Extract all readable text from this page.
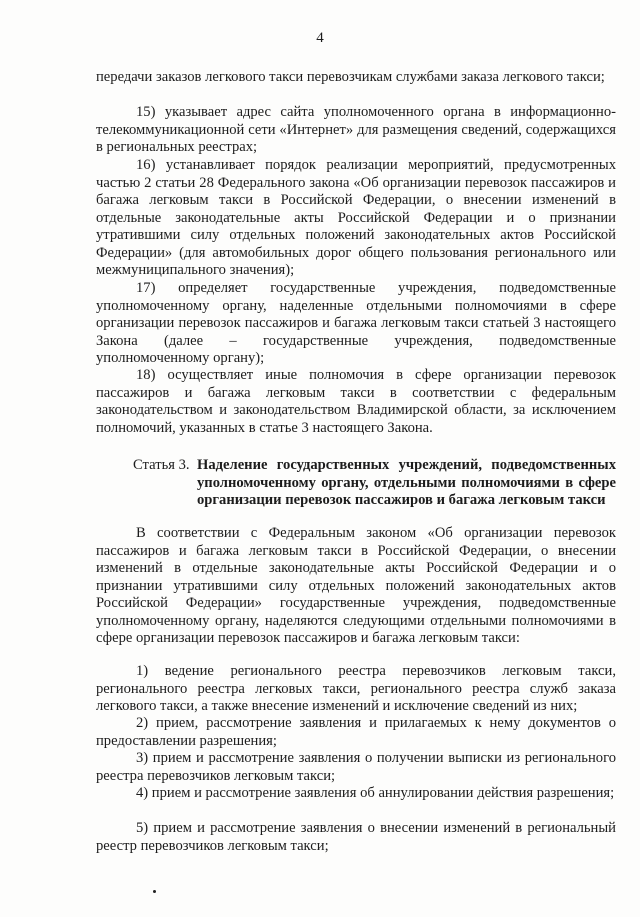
4
передачи заказов легкового такси перевозчикам службами заказа легкового такси;
15) указывает адрес сайта уполномоченного органа в информационно-телекоммуникационной сети «Интернет» для размещения сведений, содержащихся в региональных реестрах;
16) устанавливает порядок реализации мероприятий, предусмотренных частью 2 статьи 28 Федерального закона «Об организации перевозок пассажиров и багажа легковым такси в Российской Федерации, о внесении изменений в отдельные законодательные акты Российской Федерации и о признании утратившими силу отдельных положений законодательных актов Российской Федерации» (для автомобильных дорог общего пользования регионального или межмуниципального значения);
17) определяет государственные учреждения, подведомственные уполномоченному органу, наделенные отдельными полномочиями в сфере организации перевозок пассажиров и багажа легковым такси статьей 3 настоящего Закона (далее – государственные учреждения, подведомственные уполномоченному органу);
18) осуществляет иные полномочия в сфере организации перевозок пассажиров и багажа легковым такси в соответствии с федеральным законодательством и законодательством Владимирской области, за исключением полномочий, указанных в статье 3 настоящего Закона.
Статья 3. Наделение государственных учреждений, подведомственных уполномоченному органу, отдельными полномочиями в сфере организации перевозок пассажиров и багажа легковым такси
В соответствии с Федеральным законом «Об организации перевозок пассажиров и багажа легковым такси в Российской Федерации, о внесении изменений в отдельные законодательные акты Российской Федерации и о признании утратившими силу отдельных положений законодательных актов Российской Федерации» государственные учреждения, подведомственные уполномоченному органу, наделяются следующими отдельными полномочиями в сфере организации перевозок пассажиров и багажа легковым такси:
1) ведение регионального реестра перевозчиков легковым такси, регионального реестра легковых такси, регионального реестра служб заказа легкового такси, а также внесение изменений и исключение сведений из них;
2) прием, рассмотрение заявления и прилагаемых к нему документов о предоставлении разрешения;
3) прием и рассмотрение заявления о получении выписки из регионального реестра перевозчиков легковым такси;
4) прием и рассмотрение заявления об аннулировании действия разрешения;
5) прием и рассмотрение заявления о внесении изменений в региональный реестр перевозчиков легковым такси;
